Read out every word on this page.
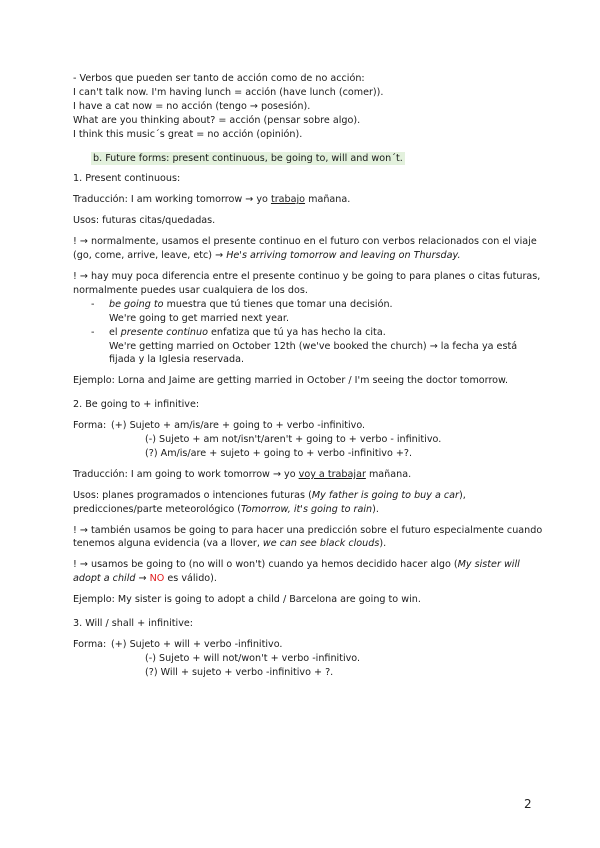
- Verbos que pueden ser tanto de acción como de no acción:

I can't talk now. I'm having lunch = acción (have lunch (comer)).

I have a cat now = no acción (tengo → posesión).

What are you thinking about? = acción (pensar sobre algo).

I think this music´s great = no acción (opinión).

b. Future forms: present continuous, be going to, will and won´t.

1. Present continuous:

Traducción: I am working tomorrow → yo trabajo mañana.

Usos: futuras citas/quedadas.

! → normalmente, usamos el presente continuo en el futuro con verbos relacionados con el viaje (go, come, arrive, leave, etc) → He's arriving tomorrow and leaving on Thursday.

! → hay muy poca diferencia entre el presente continuo y be going to para planes o citas futuras, normalmente puedes usar cualquiera de los dos.

-	be going to muestra que tú tienes que tomar una decisión.
We're going to get married next year.
-	el presente continuo enfatiza que tú ya has hecho la cita.
We're getting married on October 12th (we've booked the church) → la fecha ya está fijada y la Iglesia reservada.

Ejemplo: Lorna and Jaime are getting married in October / I'm seeing the doctor tomorrow.

2. Be going to + infinitive:

Forma: (+) Sujeto + am/is/are + going to + verbo -infinitivo.

(-) Sujeto + am not/isn't/aren't + going to + verbo - infinitivo.

(?) Am/is/are + sujeto + going to + verbo -infinitivo +?.

Traducción: I am going to work tomorrow → yo voy a trabajar mañana.

Usos: planes programados o intenciones futuras (My father is going to buy a car), predicciones/parte meteorológico (Tomorrow, it's going to rain).

! → también usamos be going to para hacer una predicción sobre el futuro especialmente cuando tenemos alguna evidencia (va a llover, we can see black clouds).

! → usamos be going to (no will o won't) cuando ya hemos decidido hacer algo (My sister will adopt a child → NO es válido).

Ejemplo: My sister is going to adopt a child / Barcelona are going to win.

3. Will / shall + infinitive:

Forma: (+) Sujeto + will + verbo -infinitivo.

(-) Sujeto + will not/won't + verbo -infinitivo.

(?) Will + sujeto + verbo -infinitivo + ?.

2
